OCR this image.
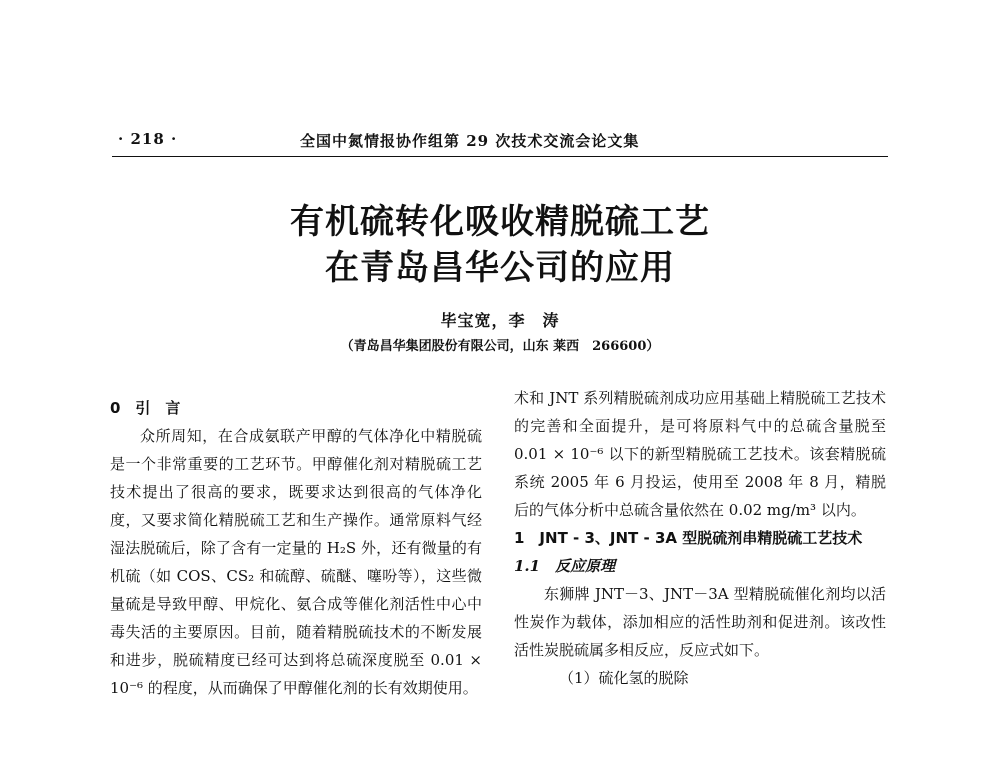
· 218 ·	全国中氮情报协作组第 29 次技术交流会论文集
有机硫转化吸收精脱硫工艺
在青岛昌华公司的应用
毕宝宽，李　涛
（青岛昌华集团股份有限公司，山东 莱西　266600）

0　引　言

众所周知，在合成氨联产甲醇的气体净化中精脱硫是一个非常重要的工艺环节。甲醇催化剂对精脱硫工艺技术提出了很高的要求，既要求达到很高的气体净化度，又要求简化精脱硫工艺和生产操作。通常原料气经湿法脱硫后，除了含有一定量的 H₂S 外，还有微量的有机硫（如 COS、CS₂ 和硫醇、硫醚、噻吩等），这些微量硫是导致甲醇、甲烷化、氨合成等催化剂活性中心中毒失活的主要原因。目前，随着精脱硫技术的不断发展和进步，脱硫精度已经可达到将总硫深度脱至 0.01 × 10⁻⁶ 的程度，从而确保了甲醇催化剂的长有效期使用。

术和 JNT 系列精脱硫剂成功应用基础上精脱硫工艺技术的完善和全面提升，是可将原料气中的总硫含量脱至 0.01 × 10⁻⁶ 以下的新型精脱硫工艺技术。该套精脱硫系统 2005 年 6 月投运，使用至 2008 年 8 月，精脱后的气体分析中总硫含量依然在 0.02 mg/m³ 以内。

1　JNT - 3、JNT - 3A 型脱硫剂串精脱硫工艺技术

1.1　反应原理

东狮牌 JNT－3、JNT－3A 型精脱硫催化剂均以活性炭作为载体，添加相应的活性助剂和促进剂。该改性活性炭脱硫属多相反应，反应式如下。

（1）硫化氢的脱除
